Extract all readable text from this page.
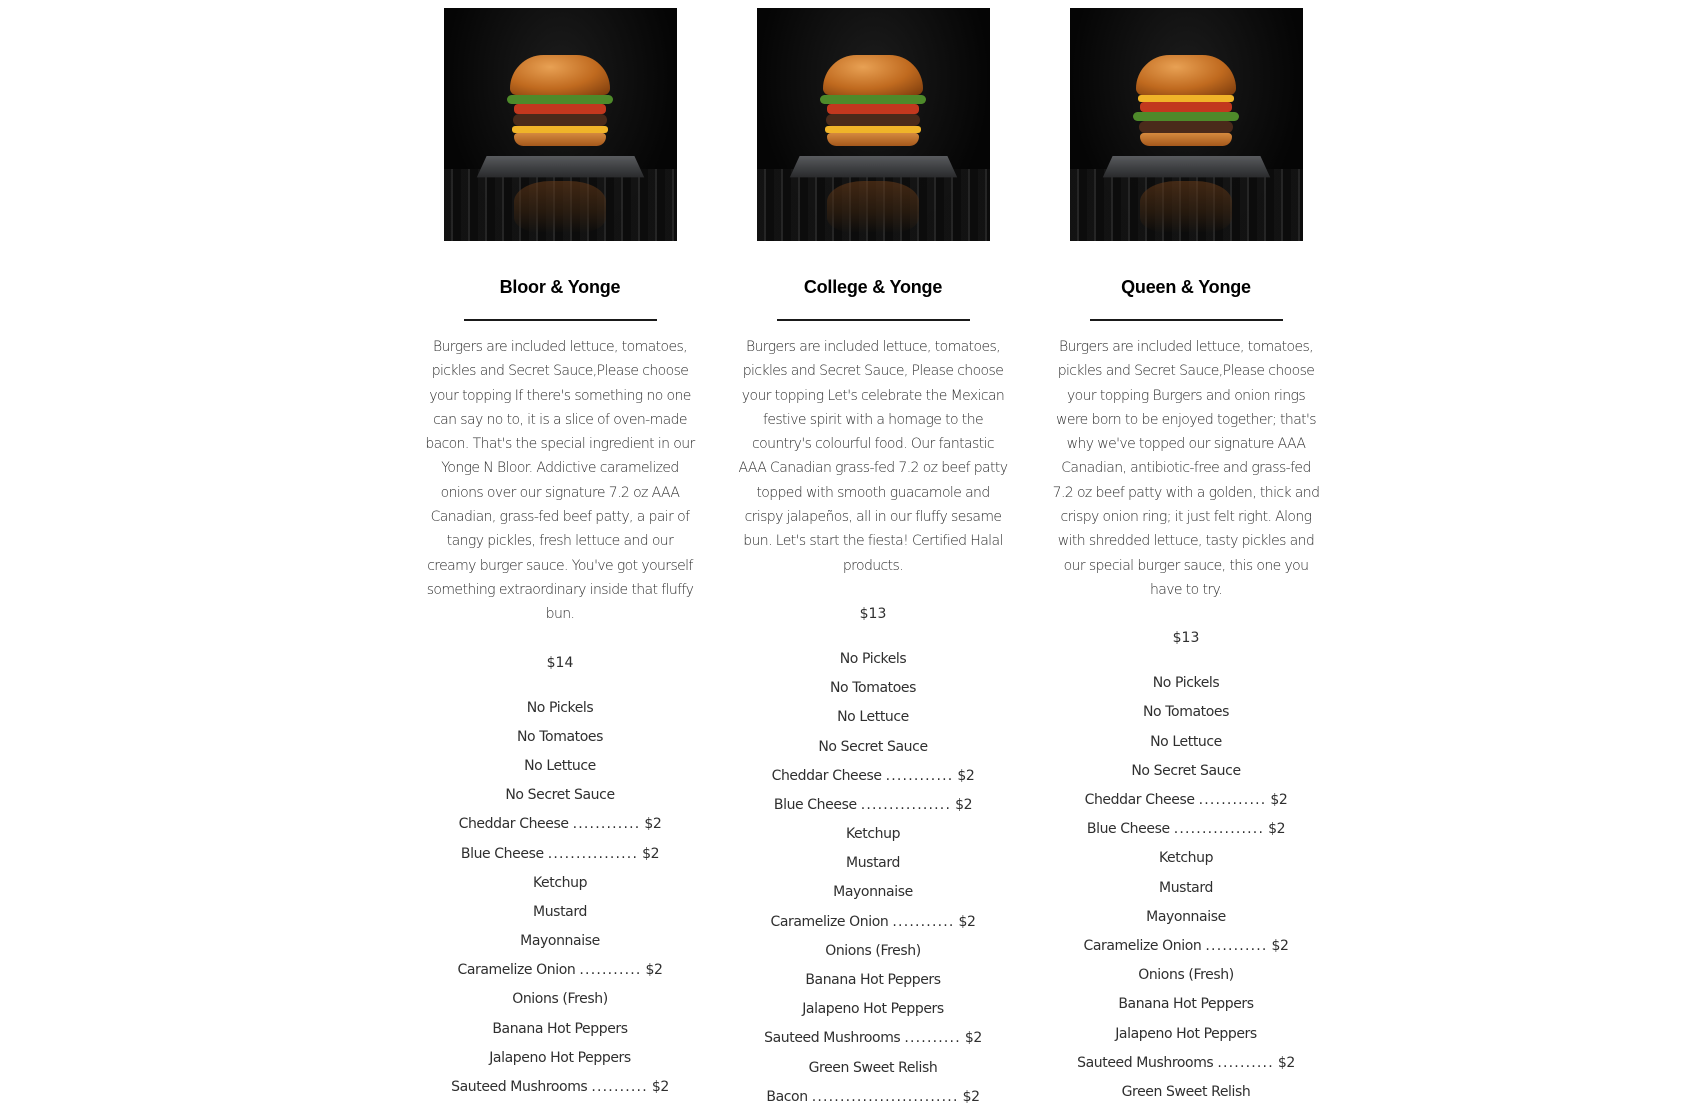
Bloor & Yonge
Burgers are included lettuce, tomatoes, pickles and Secret Sauce,Please choose your topping If there's something no one can say no to, it is a slice of oven-made bacon. That's the special ingredient in our Yonge N Bloor. Addictive caramelized onions over our signature 7.2 oz AAA Canadian, grass-fed beef patty, a pair of tangy pickles, fresh lettuce and our creamy burger sauce. You've got yourself something extraordinary inside that fluffy bun.
$14
No Pickels
No Tomatoes
No Lettuce
No Secret Sauce
Cheddar Cheese ............ $2
Blue Cheese ................ $2
Ketchup
Mustard
Mayonnaise
Caramelize Onion ........... $2
Onions (Fresh)
Banana Hot Peppers
Jalapeno Hot Peppers
Sauteed Mushrooms .......... $2
College & Yonge
Burgers are included lettuce, tomatoes, pickles and Secret Sauce, Please choose your topping Let's celebrate the Mexican festive spirit with a homage to the country's colourful food. Our fantastic AAA Canadian grass-fed 7.2 oz beef patty topped with smooth guacamole and crispy jalapeños, all in our fluffy sesame bun. Let's start the fiesta! Certified Halal products.
$13
No Pickels
No Tomatoes
No Lettuce
No Secret Sauce
Cheddar Cheese ............ $2
Blue Cheese ................ $2
Ketchup
Mustard
Mayonnaise
Caramelize Onion ........... $2
Onions (Fresh)
Banana Hot Peppers
Jalapeno Hot Peppers
Sauteed Mushrooms .......... $2
Green Sweet Relish
Bacon .......................... $2
Queen & Yonge
Burgers are included lettuce, tomatoes, pickles and Secret Sauce,Please choose your topping Burgers and onion rings were born to be enjoyed together; that's why we've topped our signature AAA Canadian, antibiotic-free and grass-fed 7.2 oz beef patty with a golden, thick and crispy onion ring; it just felt right. Along with shredded lettuce, tasty pickles and our special burger sauce, this one you have to try.
$13
No Pickels
No Tomatoes
No Lettuce
No Secret Sauce
Cheddar Cheese ............ $2
Blue Cheese ................ $2
Ketchup
Mustard
Mayonnaise
Caramelize Onion ........... $2
Onions (Fresh)
Banana Hot Peppers
Jalapeno Hot Peppers
Sauteed Mushrooms .......... $2
Green Sweet Relish
